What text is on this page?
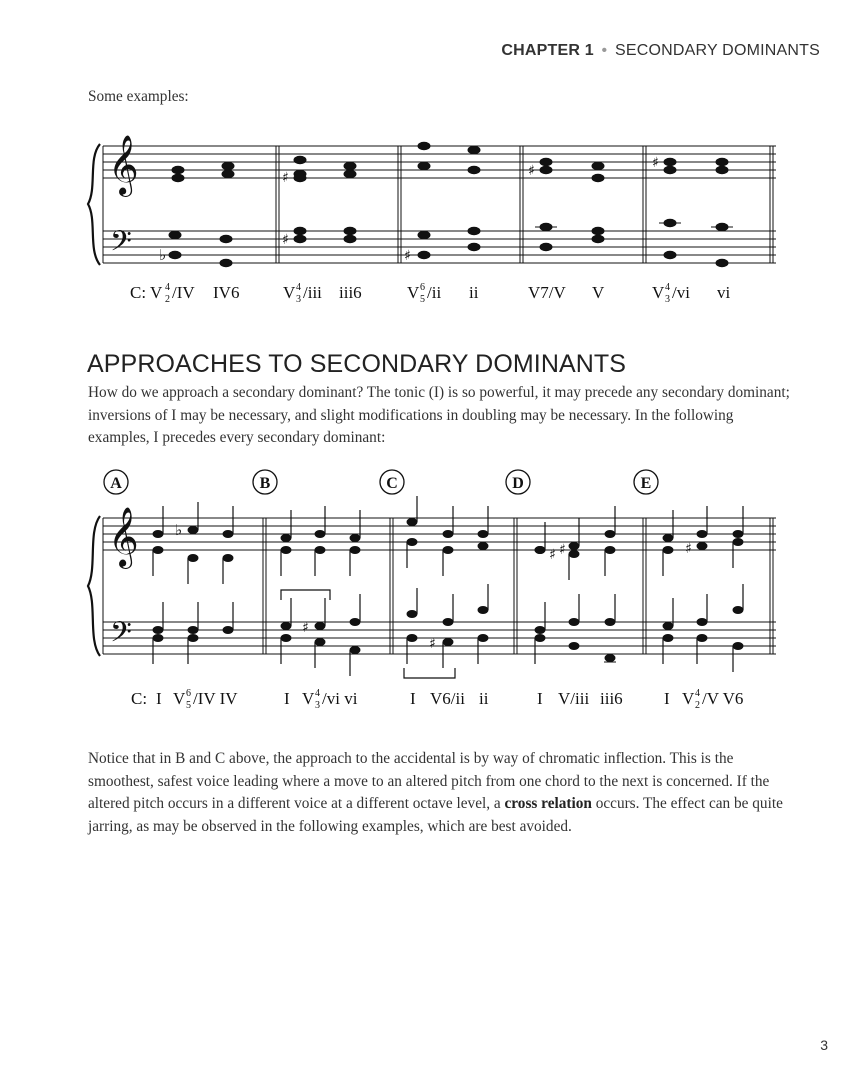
CHAPTER 1 • SECONDARY DOMINANTS
Some examples:
𝄞
𝄢 ♭
♯
♯
♯
♯	♯
C: V 4
2 /IV IV6	V 4
3 /iii iii6	V 6
5 /ii ii	V7/V V	V 4
3 /vi vi
APPROACHES TO SECONDARY DOMINANTS

How do we approach a secondary dominant? The tonic (I) is so powerful, it may precede any secondary dominant; inversions of I may be necessary, and slight modifications in doubling may be necessary. In the following examples, I precedes every secondary dominant:

A	B	C	D	E
𝄞
𝄢
♭
♯
♯
♯ ♯	♯
C: I V 6
5 /IV IV	I V 4
3 /vi vi	I V6/ii ii	I V/iii iii6 I V 4
2 /V V6

Notice that in B and C above, the approach to the accidental is by way of chromatic inflection. This is the smoothest, safest voice leading where a move to an altered pitch from one chord to the next is concerned. If the altered pitch occurs in a different voice at a different octave level, a cross relation occurs. The effect can be quite jarring, as may be observed in the following examples, which are best avoided.

3
